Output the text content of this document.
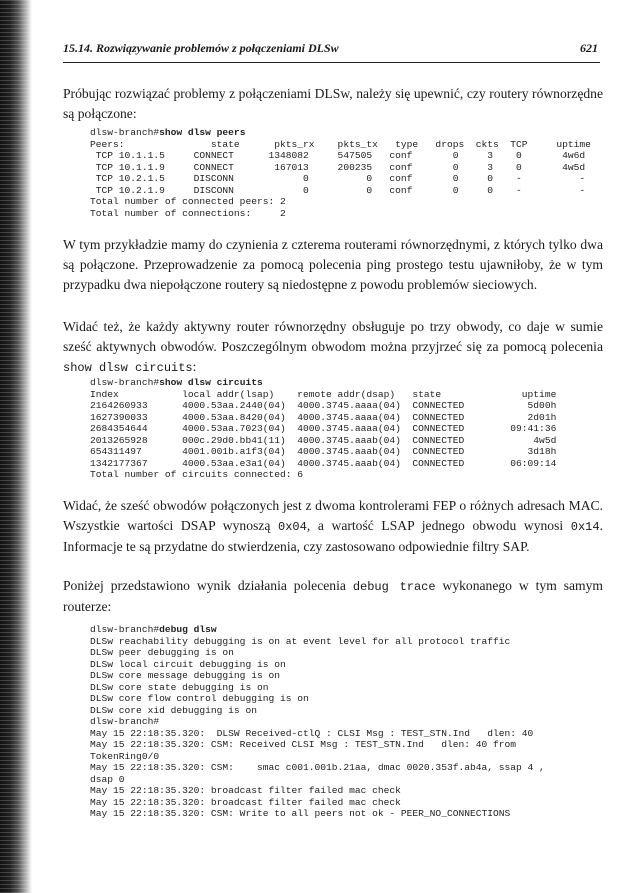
15.14. Rozwiązywanie problemów z połączeniami DLSw	621

Próbując rozwiązać problemy z połączeniami DLSw, należy się upewnić, czy routery równorzędne są połączone:

dlsw-branch#show dlsw peers
Peers:               state      pkts_rx    pkts_tx   type   drops  ckts  TCP     uptime
TCP 10.1.1.5     CONNECT      1348082     547505   conf       0     3    0       4w6d
TCP 10.1.1.9     CONNECT       167013     200235   conf       0     3    0       4w5d
TCP 10.2.1.5     DISCONN            0          0   conf       0     0    -          -
TCP 10.2.1.9     DISCONN            0          0   conf       0     0    -          -
Total number of connected peers: 2
Total number of connections:     2

W tym przykładzie mamy do czynienia z czterema routerami równorzędnymi, z których tylko dwa są połączone. Przeprowadzenie za pomocą polecenia ping prostego testu ujawniłoby, że w tym przypadku dwa niepołączone routery są niedostępne z powodu problemów sieciowych.

Widać też, że każdy aktywny router równorzędny obsługuje po trzy obwody, co daje w sumie sześć aktywnych obwodów. Poszczególnym obwodom można przyjrzeć się za pomocą polecenia show dlsw circuits:

dlsw-branch#show dlsw circuits
Index           local addr(lsap)    remote addr(dsap)   state              uptime
2164260933      4000.53aa.2440(04)  4000.3745.aaaa(04)  CONNECTED           5d00h
1627390033      4000.53aa.8420(04)  4000.3745.aaaa(04)  CONNECTED           2d01h
2684354644      4000.53aa.7023(04)  4000.3745.aaaa(04)  CONNECTED        09:41:36
2013265928      000c.29d0.bb41(11)  4000.3745.aaab(04)  CONNECTED            4w5d
654311497       4001.001b.a1f3(04)  4000.3745.aaab(04)  CONNECTED           3d18h
1342177367      4000.53aa.e3a1(04)  4000.3745.aaab(04)  CONNECTED        06:09:14
Total number of circuits connected: 6

Widać, że sześć obwodów połączonych jest z dwoma kontrolerami FEP o różnych adresach MAC. Wszystkie wartości DSAP wynoszą 0x04, a wartość LSAP jednego obwodu wynosi 0x14. Informacje te są przydatne do stwierdzenia, czy zastosowano odpowiednie filtry SAP.

Poniżej przedstawiono wynik działania polecenia debug trace wykonanego w tym samym routerze:

dlsw-branch#debug dlsw
DLSw reachability debugging is on at event level for all protocol traffic
DLSw peer debugging is on
DLSw local circuit debugging is on
DLSw core message debugging is on
DLSw core state debugging is on
DLSw core flow control debugging is on
DLSw core xid debugging is on
dlsw-branch#
May 15 22:18:35.320:  DLSW Received-ctlQ : CLSI Msg : TEST_STN.Ind   dlen: 40
May 15 22:18:35.320: CSM: Received CLSI Msg : TEST_STN.Ind   dlen: 40 from
TokenRing0/0
May 15 22:18:35.320: CSM:    smac c001.001b.21aa, dmac 0020.353f.ab4a, ssap 4 ,
dsap 0
May 15 22:18:35.320: broadcast filter failed mac check
May 15 22:18:35.320: broadcast filter failed mac check
May 15 22:18:35.320: CSM: Write to all peers not ok - PEER_NO_CONNECTIONS
